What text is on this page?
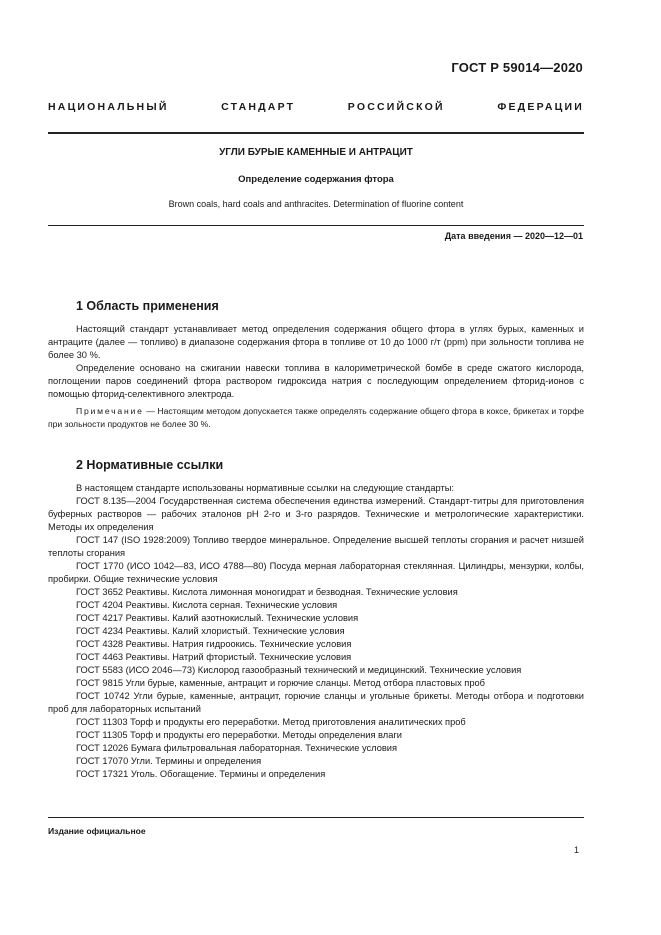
ГОСТ Р 59014—2020
НАЦИОНАЛЬНЫЙ СТАНДАРТ РОССИЙСКОЙ ФЕДЕРАЦИИ
УГЛИ БУРЫЕ КАМЕННЫЕ И АНТРАЦИТ
Определение содержания фтора
Brown coals, hard coals and anthracites. Determination of fluorine content
Дата введения — 2020—12—01
1 Область применения

Настоящий стандарт устанавливает метод определения содержания общего фтора в углях бурых, каменных и антраците (далее — топливо) в диапазоне содержания фтора в топливе от 10 до 1000 г/т (ppm) при зольности топлива не более 30 %.

Определение основано на сжигании навески топлива в калориметрической бомбе в среде сжатого кислорода, поглощении паров соединений фтора раствором гидроксида натрия с последующим определением фторид-ионов с помощью фторид-селективного электрода.

Примечание — Настоящим методом допускается также определять содержание общего фтора в коксе, брикетах и торфе при зольности продуктов не более 30 %.

2 Нормативные ссылки

В настоящем стандарте использованы нормативные ссылки на следующие стандарты:

ГОСТ 8.135—2004 Государственная система обеспечения единства измерений. Стандарт-титры для приготовления буферных растворов — рабочих эталонов pH 2-го и 3-го разрядов. Технические и метрологические характеристики. Методы их определения

ГОСТ 147 (ISO 1928:2009) Топливо твердое минеральное. Определение высшей теплоты сгорания и расчет низшей теплоты сгорания

ГОСТ 1770 (ИСО 1042—83, ИСО 4788—80) Посуда мерная лабораторная стеклянная. Цилиндры, мензурки, колбы, пробирки. Общие технические условия

ГОСТ 3652 Реактивы. Кислота лимонная моногидрат и безводная. Технические условия

ГОСТ 4204 Реактивы. Кислота серная. Технические условия

ГОСТ 4217 Реактивы. Калий азотнокислый. Технические условия

ГОСТ 4234 Реактивы. Калий хлористый. Технические условия

ГОСТ 4328 Реактивы. Натрия гидроокись. Технические условия

ГОСТ 4463 Реактивы. Натрий фтористый. Технические условия

ГОСТ 5583 (ИСО 2046—73) Кислород газообразный технический и медицинский. Технические условия

ГОСТ 9815 Угли бурые, каменные, антрацит и горючие сланцы. Метод отбора пластовых проб

ГОСТ 10742 Угли бурые, каменные, антрацит, горючие сланцы и угольные брикеты. Методы отбора и подготовки проб для лабораторных испытаний

ГОСТ 11303 Торф и продукты его переработки. Метод приготовления аналитических проб

ГОСТ 11305 Торф и продукты его переработки. Методы определения влаги

ГОСТ 12026 Бумага фильтровальная лабораторная. Технические условия

ГОСТ 17070 Угли. Термины и определения

ГОСТ 17321 Уголь. Обогащение. Термины и определения

Издание официальное
1
